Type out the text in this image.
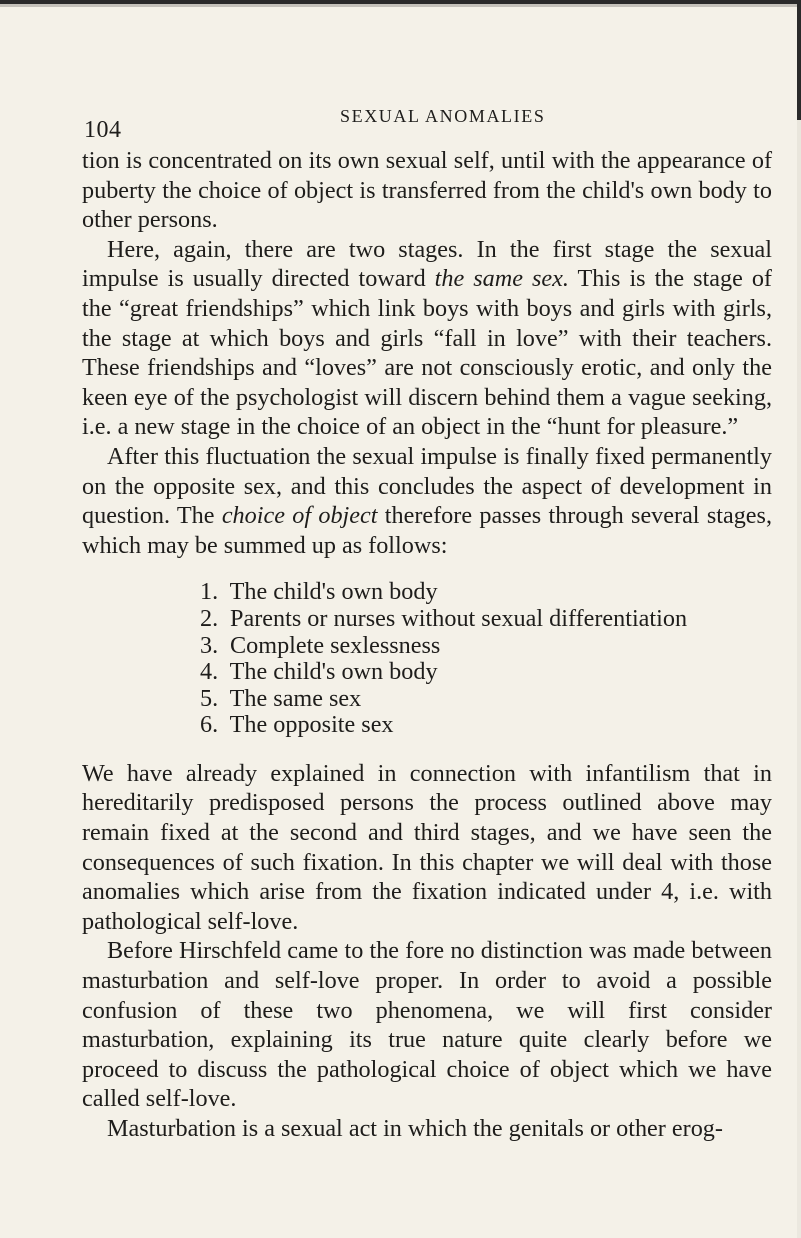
104
SEXUAL ANOMALIES

tion is concentrated on its own sexual self, until with the appearance of puberty the choice of object is transferred from the child's own body to other persons.

Here, again, there are two stages. In the first stage the sexual impulse is usually directed toward the same sex. This is the stage of the “great friendships” which link boys with boys and girls with girls, the stage at which boys and girls “fall in love” with their teachers. These friendships and “loves” are not consciously erotic, and only the keen eye of the psychologist will discern behind them a vague seeking, i.e. a new stage in the choice of an object in the “hunt for pleasure.”

After this fluctuation the sexual impulse is finally fixed permanently on the opposite sex, and this concludes the aspect of development in question. The choice of object therefore passes through several stages, which may be summed up as follows:

1. The child's own body
2. Parents or nurses without sexual differentiation
3. Complete sexlessness
4. The child's own body
5. The same sex
6. The opposite sex

We have already explained in connection with infantilism that in hereditarily predisposed persons the process outlined above may remain fixed at the second and third stages, and we have seen the consequences of such fixation. In this chapter we will deal with those anomalies which arise from the fixation indicated under 4, i.e. with pathological self-love.

Before Hirschfeld came to the fore no distinction was made between masturbation and self-love proper. In order to avoid a possible confusion of these two phenomena, we will first consider masturbation, explaining its true nature quite clearly before we proceed to discuss the pathological choice of object which we have called self-love.

Masturbation is a sexual act in which the genitals or other erog-
